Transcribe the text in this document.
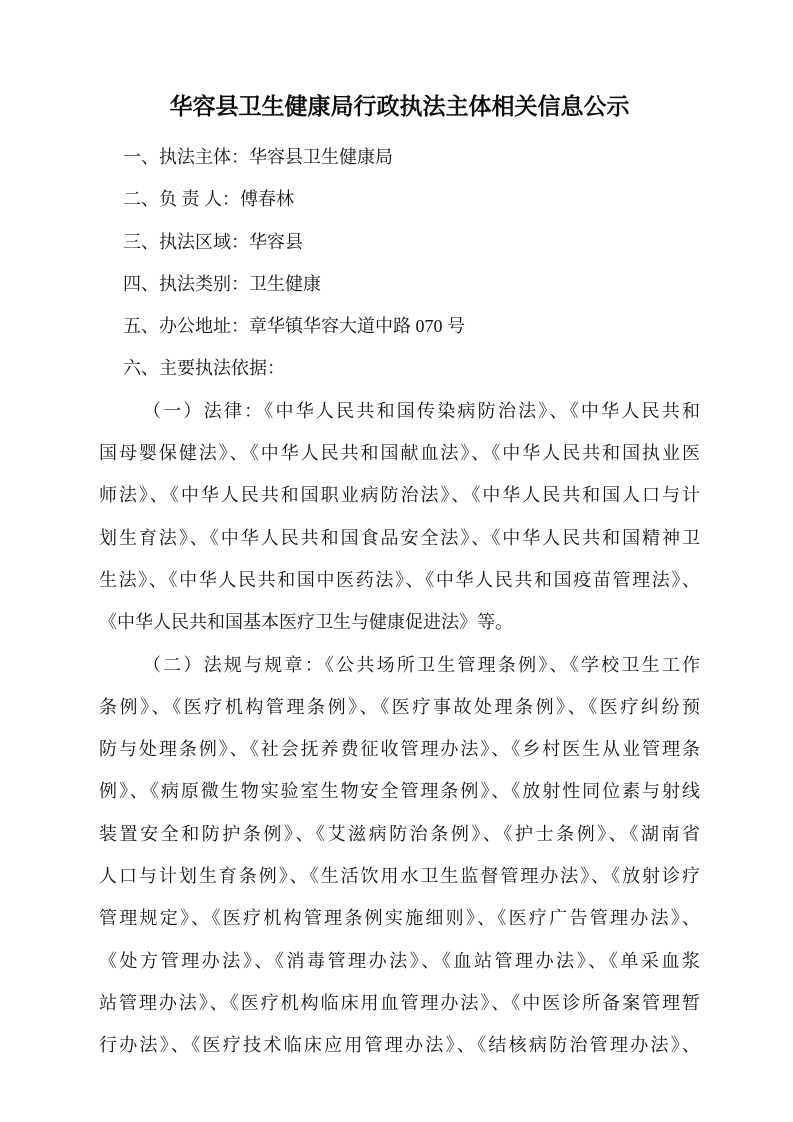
华容县卫生健康局行政执法主体相关信息公示
一、执法主体：华容县卫生健康局
二、负 责 人：傅春林
三、执法区域：华容县
四、执法类别：卫生健康
五、办公地址：章华镇华容大道中路 070 号
六、主要执法依据：
（一）法律：《中华人民共和国传染病防治法》、《中华人民共和
国母婴保健法》、《中华人民共和国献血法》、《中华人民共和国执业医
师法》、《中华人民共和国职业病防治法》、《中华人民共和国人口与计
划生育法》、《中华人民共和国食品安全法》、《中华人民共和国精神卫
生法》、《中华人民共和国中医药法》、《中华人民共和国疫苗管理法》、
《中华人民共和国基本医疗卫生与健康促进法》等。
（二）法规与规章：《公共场所卫生管理条例》、《学校卫生工作
条例》、《医疗机构管理条例》、《医疗事故处理条例》、《医疗纠纷预
防与处理条例》、《社会抚养费征收管理办法》、《乡村医生从业管理条
例》、《病原微生物实验室生物安全管理条例》、《放射性同位素与射线
装置安全和防护条例》、《艾滋病防治条例》、《护士条例》、《湖南省
人口与计划生育条例》、《生活饮用水卫生监督管理办法》、《放射诊疗
管理规定》、《医疗机构管理条例实施细则》、《医疗广告管理办法》、
《处方管理办法》、《消毒管理办法》、《血站管理办法》、《单采血浆
站管理办法》、《医疗机构临床用血管理办法》、《中医诊所备案管理暂
行办法》、《医疗技术临床应用管理办法》、《结核病防治管理办法》、
